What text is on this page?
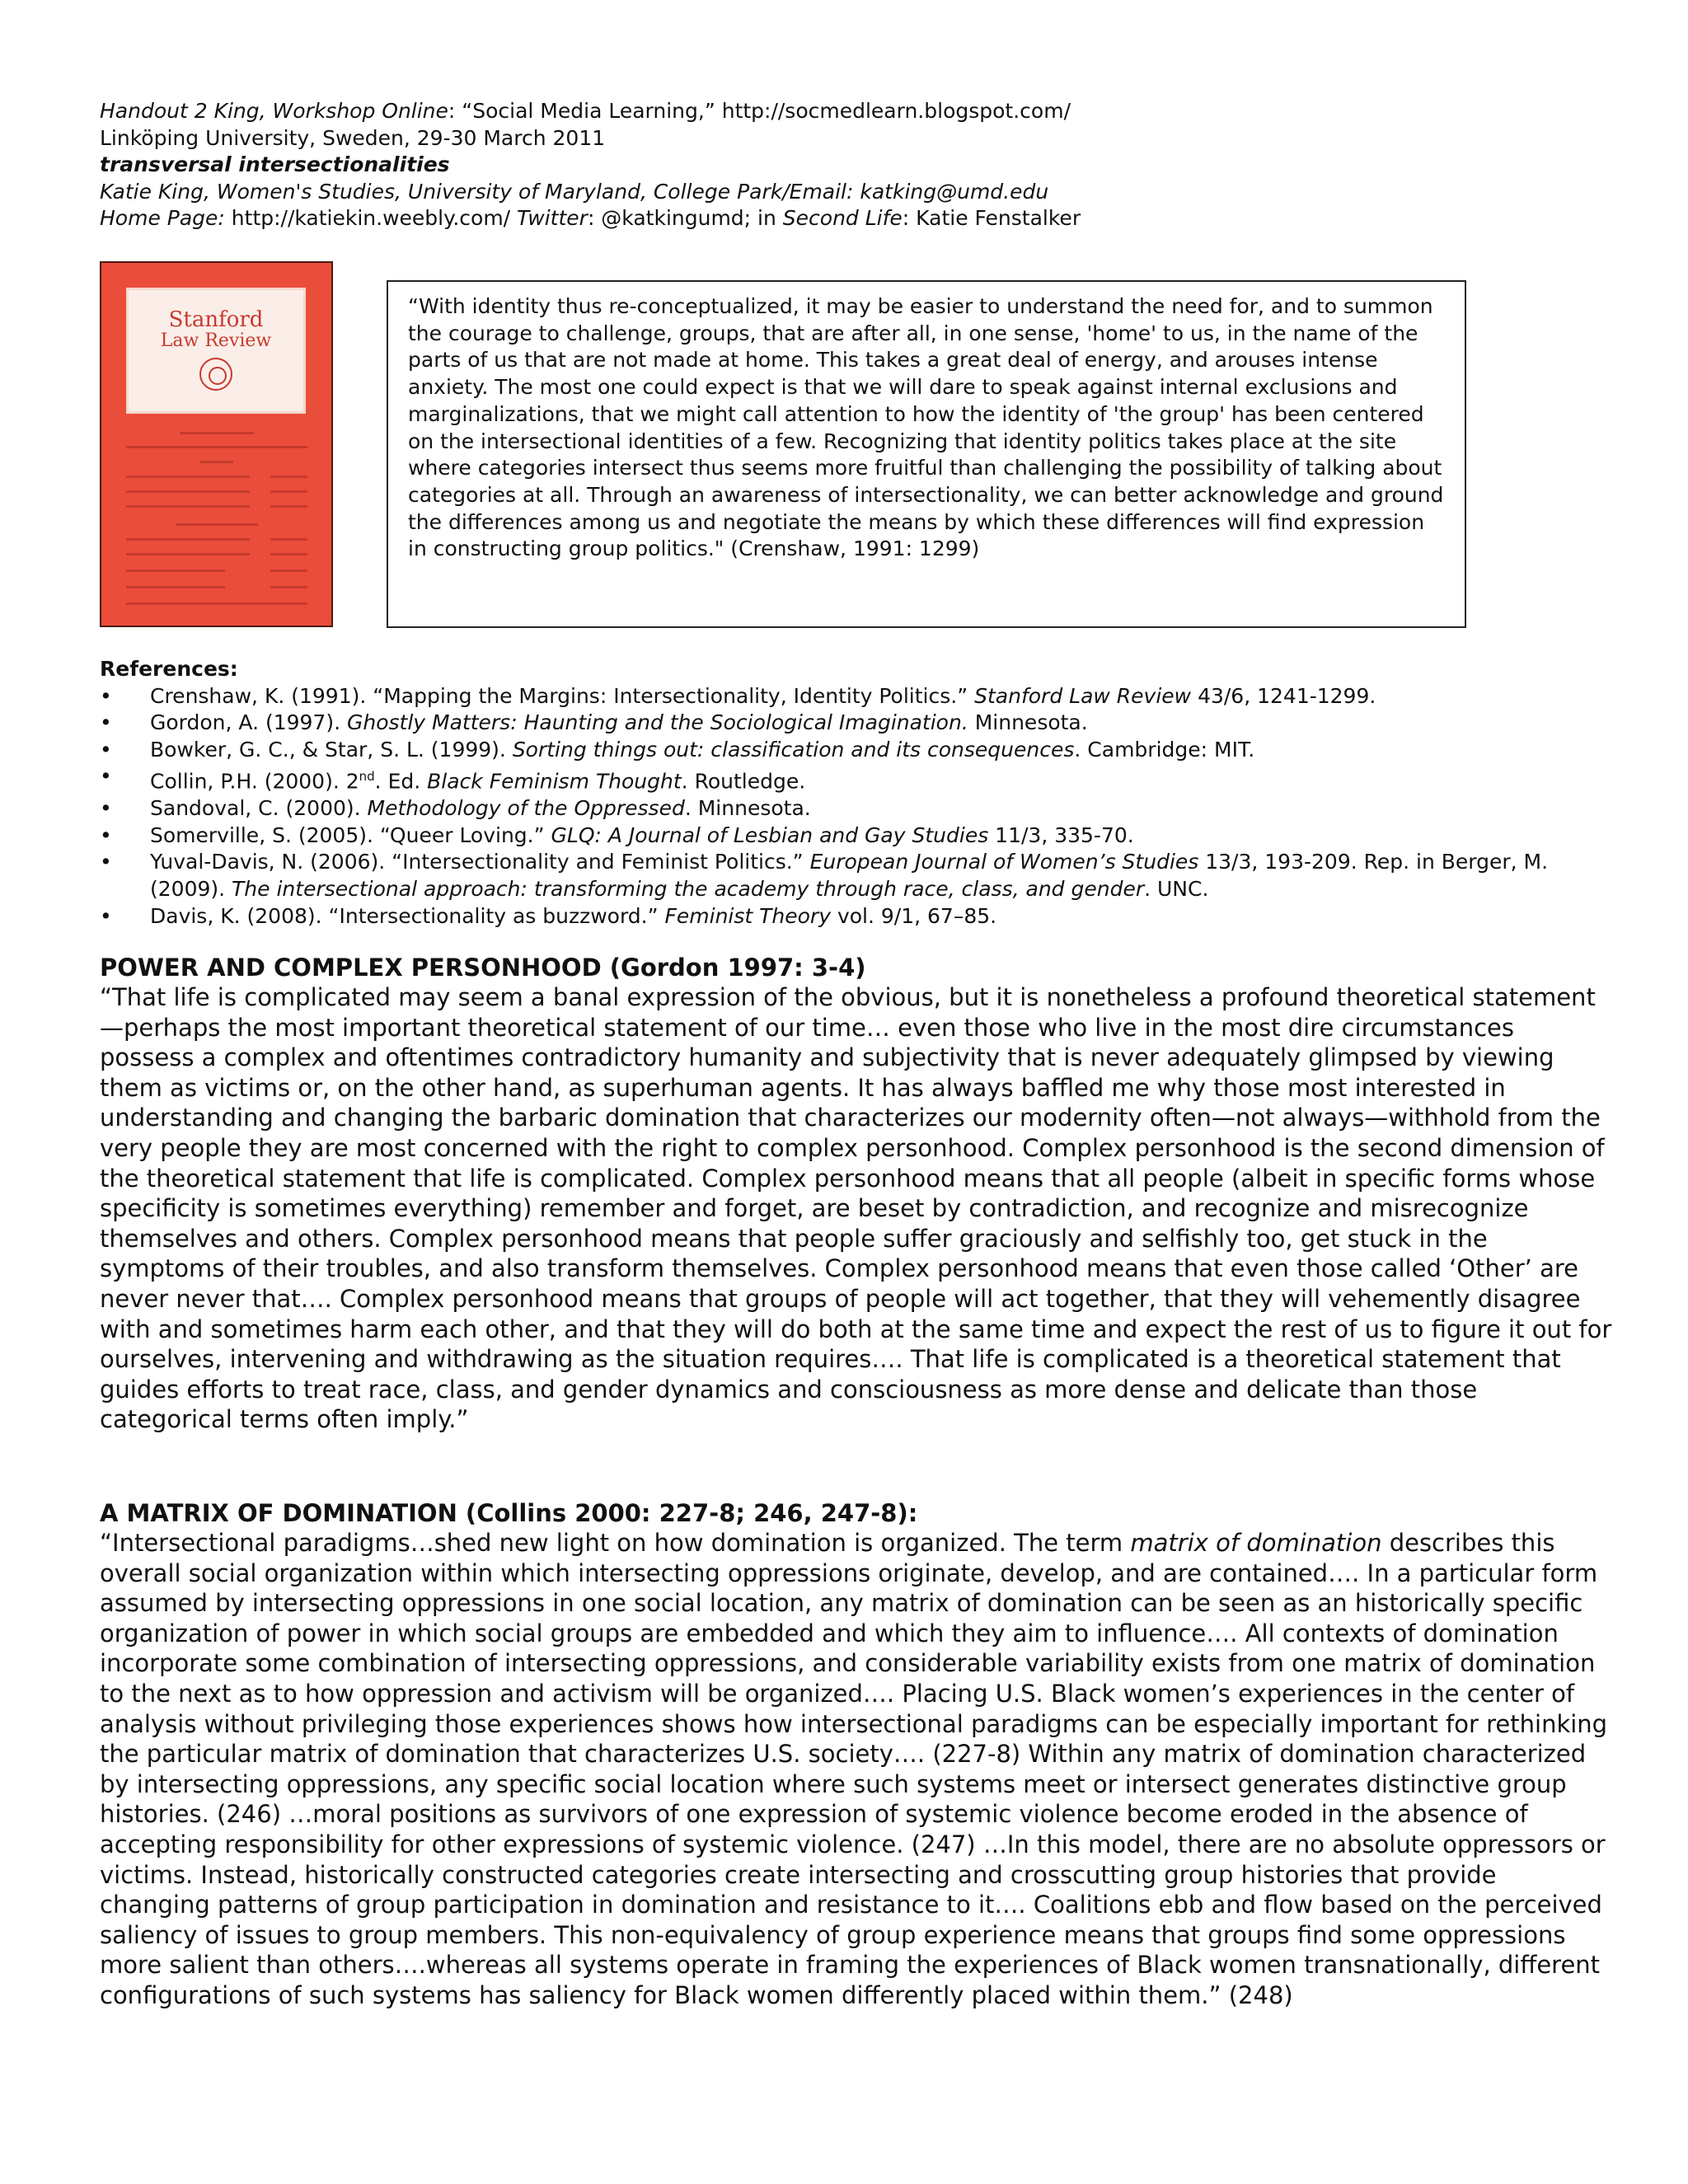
Handout 2 King, Workshop Online: “Social Media Learning,” http://socmedlearn.blogspot.com/
Linköping University, Sweden, 29-30 March 2011
transversal intersectionalities
Katie King, Women's Studies, University of Maryland, College Park/Email: katking@umd.edu
Home Page: http://katiekin.weebly.com/ Twitter: @katkingumd; in Second Life: Katie Fenstalker
Stanford
Law Review
“With identity thus re-conceptualized, it may be easier to understand the need for, and to summon the courage to challenge, groups, that are after all, in one sense, 'home' to us, in the name of the parts of us that are not made at home. This takes a great deal of energy, and arouses intense anxiety. The most one could expect is that we will dare to speak against internal exclusions and marginalizations, that we might call attention to how the identity of 'the group' has been centered on the intersectional identities of a few. Recognizing that identity politics takes place at the site where categories intersect thus seems more fruitful than challenging the possibility of talking about categories at all. Through an awareness of intersectionality, we can better acknowledge and ground the differences among us and negotiate the means by which these differences will find expression in constructing group politics." (Crenshaw, 1991: 1299)
References:
• Crenshaw, K. (1991). “Mapping the Margins: Intersectionality, Identity Politics.” Stanford Law Review 43/6, 1241-1299.
• Gordon, A. (1997). Ghostly Matters: Haunting and the Sociological Imagination. Minnesota.
• Bowker, G. C., & Star, S. L. (1999). Sorting things out: classification and its consequences. Cambridge: MIT.
• Collin, P.H. (2000). 2nd. Ed. Black Feminism Thought. Routledge.
• Sandoval, C. (2000). Methodology of the Oppressed. Minnesota.
• Somerville, S. (2005). “Queer Loving.” GLQ: A Journal of Lesbian and Gay Studies 11/3, 335-70.
• Yuval-Davis, N. (2006). “Intersectionality and Feminist Politics.” European Journal of Women’s Studies 13/3, 193-209. Rep. in Berger, M. (2009). The intersectional approach: transforming the academy through race, class, and gender. UNC.
• Davis, K. (2008). “Intersectionality as buzzword.” Feminist Theory vol. 9/1, 67–85.
POWER AND COMPLEX PERSONHOOD (Gordon 1997: 3-4)
“That life is complicated may seem a banal expression of the obvious, but it is nonetheless a profound theoretical statement—perhaps the most important theoretical statement of our time… even those who live in the most dire circumstances possess a complex and oftentimes contradictory humanity and subjectivity that is never adequately glimpsed by viewing them as victims or, on the other hand, as superhuman agents. It has always baffled me why those most interested in understanding and changing the barbaric domination that characterizes our modernity often—not always—withhold from the very people they are most concerned with the right to complex personhood. Complex personhood is the second dimension of the theoretical statement that life is complicated. Complex personhood means that all people (albeit in specific forms whose specificity is sometimes everything) remember and forget, are beset by contradiction, and recognize and misrecognize themselves and others. Complex personhood means that people suffer graciously and selfishly too, get stuck in the symptoms of their troubles, and also transform themselves. Complex personhood means that even those called ‘Other’ are never never that…. Complex personhood means that groups of people will act together, that they will vehemently disagree with and sometimes harm each other, and that they will do both at the same time and expect the rest of us to figure it out for ourselves, intervening and withdrawing as the situation requires…. That life is complicated is a theoretical statement that guides efforts to treat race, class, and gender dynamics and consciousness as more dense and delicate than those categorical terms often imply.”
A MATRIX OF DOMINATION (Collins 2000: 227-8; 246, 247-8):
“Intersectional paradigms…shed new light on how domination is organized. The term matrix of domination describes this overall social organization within which intersecting oppressions originate, develop, and are contained…. In a particular form assumed by intersecting oppressions in one social location, any matrix of domination can be seen as an historically specific organization of power in which social groups are embedded and which they aim to influence…. All contexts of domination incorporate some combination of intersecting oppressions, and considerable variability exists from one matrix of domination to the next as to how oppression and activism will be organized…. Placing U.S. Black women’s experiences in the center of analysis without privileging those experiences shows how intersectional paradigms can be especially important for rethinking the particular matrix of domination that characterizes U.S. society…. (227-8) Within any matrix of domination characterized by intersecting oppressions, any specific social location where such systems meet or intersect generates distinctive group histories. (246) …moral positions as survivors of one expression of systemic violence become eroded in the absence of accepting responsibility for other expressions of systemic violence. (247) …In this model, there are no absolute oppressors or victims. Instead, historically constructed categories create intersecting and crosscutting group histories that provide changing patterns of group participation in domination and resistance to it…. Coalitions ebb and flow based on the perceived saliency of issues to group members. This non-equivalency of group experience means that groups find some oppressions more salient than others….whereas all systems operate in framing the experiences of Black women transnationally, different configurations of such systems has saliency for Black women differently placed within them.” (248)
